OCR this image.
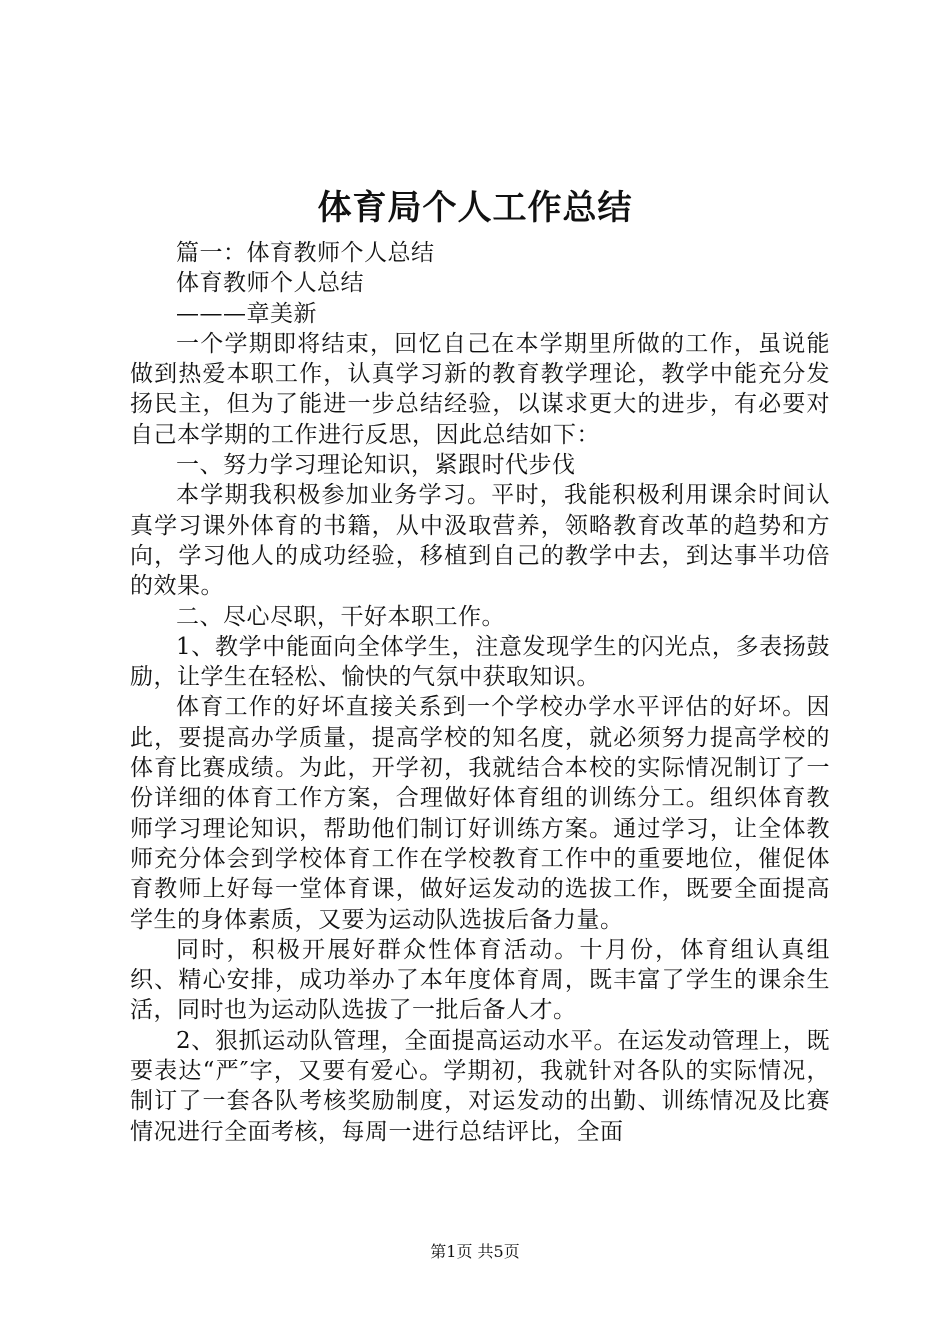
体育局个人工作总结

篇一：体育教师个人总结

体育教师个人总结

———章美新

一个学期即将结束，回忆自己在本学期里所做的工作，虽说能做到热爱本职工作，认真学习新的教育教学理论，教学中能充分发扬民主，但为了能进一步总结经验，以谋求更大的进步，有必要对自己本学期的工作进行反思，因此总结如下：

一、努力学习理论知识，紧跟时代步伐

本学期我积极参加业务学习。平时，我能积极利用课余时间认真学习课外体育的书籍，从中汲取营养，领略教育改革的趋势和方向，学习他人的成功经验，移植到自己的教学中去，到达事半功倍的效果。

二、尽心尽职，干好本职工作。

1、教学中能面向全体学生，注意发现学生的闪光点，多表扬鼓励，让学生在轻松、愉快的气氛中获取知识。

体育工作的好坏直接关系到一个学校办学水平评估的好坏。因此，要提高办学质量，提高学校的知名度，就必须努力提高学校的体育比赛成绩。为此，开学初，我就结合本校的实际情况制订了一份详细的体育工作方案，合理做好体育组的训练分工。组织体育教师学习理论知识，帮助他们制订好训练方案。通过学习，让全体教师充分体会到学校体育工作在学校教育工作中的重要地位，催促体育教师上好每一堂体育课，做好运发动的选拔工作，既要全面提高学生的身体素质，又要为运动队选拔后备力量。

同时，积极开展好群众性体育活动。十月份，体育组认真组织、精心安排，成功举办了本年度体育周，既丰富了学生的课余生活，同时也为运动队选拔了一批后备人才。

2、狠抓运动队管理，全面提高运动水平。在运发动管理上，既要表达“严″字，又要有爱心。学期初，我就针对各队的实际情况，制订了一套各队考核奖励制度，对运发动的出勤、训练情况及比赛情况进行全面考核，每周一进行总结评比，全面

第1页 共5页
